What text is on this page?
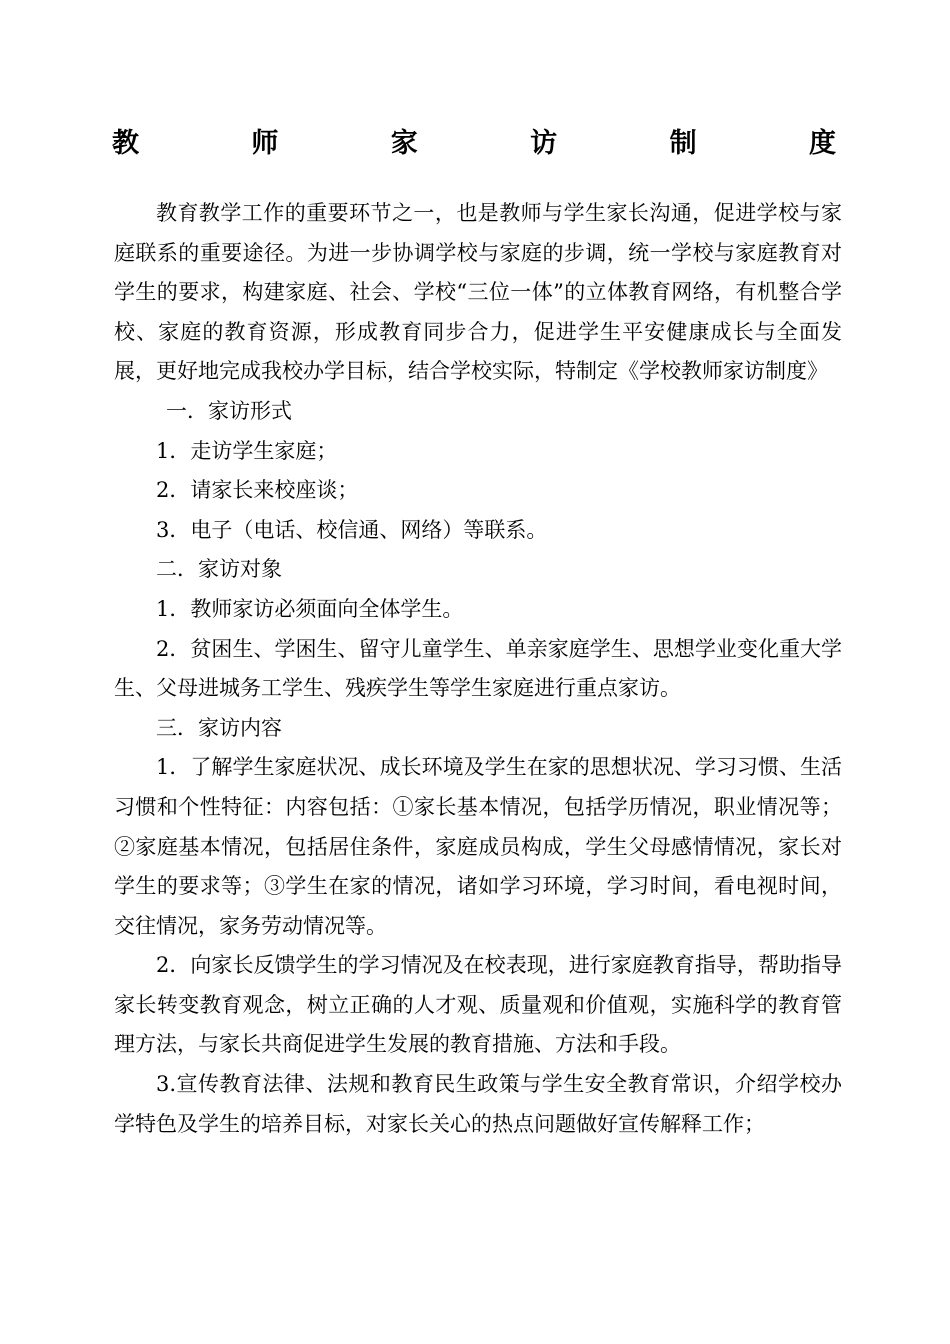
教	师	家	访	制	度

教育教学工作的重要环节之一，也是教师与学生家长沟通，促进学校与家庭联系的重要途径。为进一步协调学校与家庭的步调，统一学校与家庭教育对学生的要求，构建家庭、社会、学校“三位一体”的立体教育网络，有机整合学校、家庭的教育资源，形成教育同步合力，促进学生平安健康成长与全面发展，更好地完成我校办学目标，结合学校实际，特制定《学校教师家访制度》

一．家访形式

1．走访学生家庭；

2．请家长来校座谈；

3．电子（电话、校信通、网络）等联系。

二．家访对象

1．教师家访必须面向全体学生。

2．贫困生、学困生、留守儿童学生、单亲家庭学生、思想学业变化重大学生、父母进城务工学生、残疾学生等学生家庭进行重点家访。

三．家访内容

1．了解学生家庭状况、成长环境及学生在家的思想状况、学习习惯、生活习惯和个性特征：内容包括：①家长基本情况，包括学历情况，职业情况等；②家庭基本情况，包括居住条件，家庭成员构成，学生父母感情情况，家长对学生的要求等；③学生在家的情况，诸如学习环境，学习时间，看电视时间，交往情况，家务劳动情况等。

2．向家长反馈学生的学习情况及在校表现，进行家庭教育指导，帮助指导家长转变教育观念，树立正确的人才观、质量观和价值观，实施科学的教育管理方法，与家长共商促进学生发展的教育措施、方法和手段。

3.宣传教育法律、法规和教育民生政策与学生安全教育常识，介绍学校办学特色及学生的培养目标，对家长关心的热点问题做好宣传解释工作；
